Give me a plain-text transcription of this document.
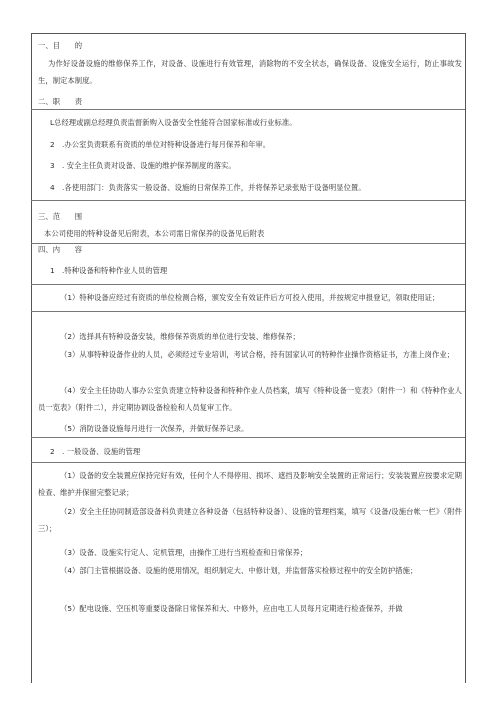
一、目　　的
为作好设备设施的维修保养工作，对设备、设施进行有效管理，消除物的不安全状态，确保设备、设施安全运行，防止事故发生，制定本制度。
二、职　　责
L总经理或副总经理负责监督新购入设备安全性能符合国家标准或行业标准。
2　.办公室负责联系有资质的单位对特种设备进行每月保养和年审。
3　. 安全主任负责对设备、设施的维护保养制度的落实。
4　.各使用部门：负责落实一般设备、设施的日常保养工作，并将保养记录张贴于设备明显位置。
三、范　　围
本公司使用的特种设备见后附表，本公司需日常保养的设备见后附表
四、内　　容
1　.特种设备和特种作业人员的管理
（1）特种设备应经过有资质的单位检测合格，颁发安全有效证件后方可投入使用，并按规定申报登记，领取使用证；
（2）选择具有特种设备安装，维修保养资质的单位进行安装、维修保养；
（3）从事特种设备作业的人员，必须经过专业培训，考试合格，持有国家认可的特种作业操作资格证书，方准上岗作业；
（4）安全主任协助人事办公室负责建立特种设备和特种作业人员档案，填写《特种设备一览表》（附件一）和《特种作业人员一览表》（附件二），并定期协调设备检验和人员复审工作。
（5）消防设备设施每月进行一次保养，并做好保养记录。
2　. 一般设备、设施的管理
（1）设备的安全装置应保持完好有效，任何个人不得停用、损坏、遮挡及影响安全装置的正常运行；安装装置应按要求定期检查、维护并保留完整记录；
（2）安全主任协同制造部设备科负责建立各种设备（包括特种设备）、设施的管理档案，填写《设备/设施台帐一栏》（附件三）；
（3）设备、设施实行定人、定机管理，由操作工进行当班检查和日常保养；
（4）部门主管根据设备、设施的使用情况，组织制定大、中修计划，并监督落实检修过程中的安全防护措施；
（5）配电设施、空压机等重要设备除日常保养和大、中修外，应由电工人员每月定期进行检查保养，并做
